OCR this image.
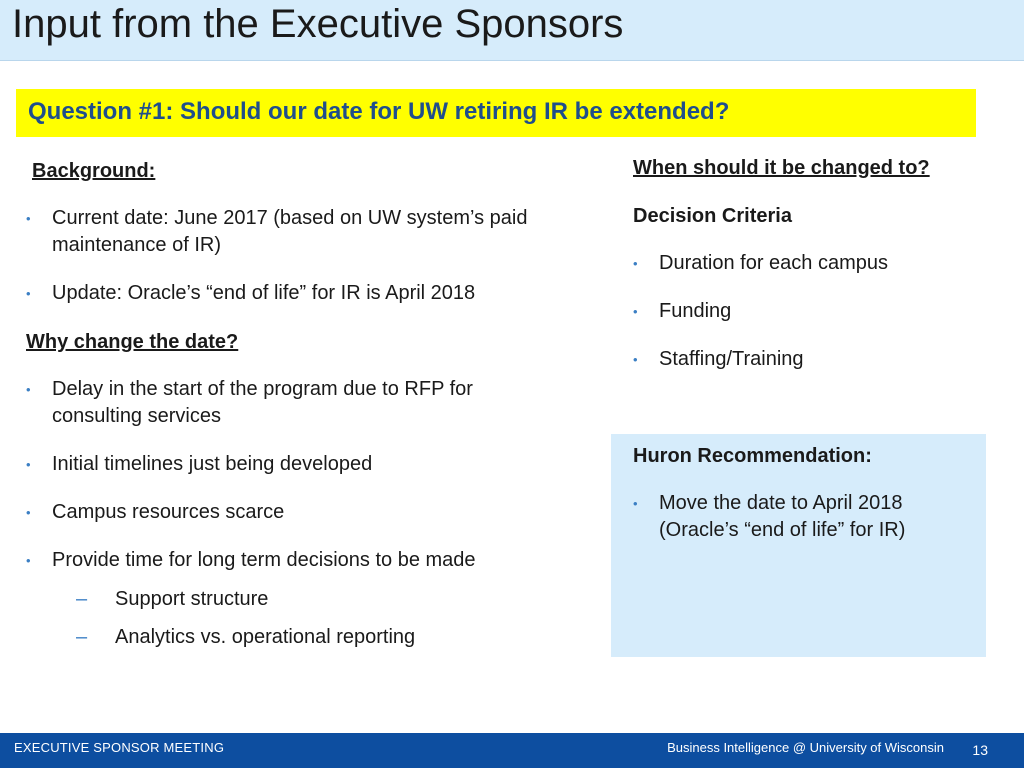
Input from the Executive Sponsors
Question #1: Should our date for UW retiring IR be extended?
Background:
•	Current date: June 2017 (based on UW system’s paid maintenance of IR)
•	Update: Oracle’s “end of life” for IR is April 2018
Why change the date?
•	Delay in the start of the program due to RFP for consulting services
•	Initial timelines just being developed
•	Campus resources scarce
•	Provide time for long term decisions to be made
–	Support structure
–	Analytics vs. operational reporting
When should it be changed to?
Decision Criteria
•	Duration for each campus
•	Funding
•	Staffing/Training
Huron Recommendation:
•	Move the date to April 2018 (Oracle’s “end of life” for IR)
EXECUTIVE SPONSOR MEETING	Business Intelligence @ University of Wisconsin 13
